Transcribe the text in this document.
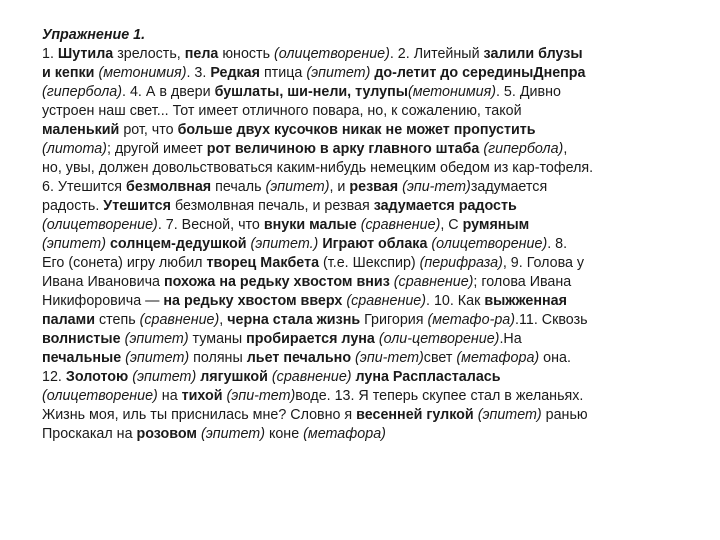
Упражнение 1.
1. Шутила зрелость, пела юность (олицетворение). 2. Литейный залили блузы
и кепки (метонимия). 3. Редкая птица (эпитет) до-летит до серединыДнепра
(гипербола). 4. А в двери бушлаты, ши-нели, тулупы(метонимия). 5. Дивно
устроен наш свет... Тот имеет отличного повара, но, к сожалению, такой
маленький рот, что больше двух кусочков никак не может пропустить
(литота); другой имеет рот величиною в арку главного штаба (гипербола),
но, увы, должен довольствоваться каким-нибудь немецким обедом из кар-тофеля.
6. Утешится безмолвная печаль (эпитет), и резвая (эпи-тет)задумается
радость. Утешится безмолвная печаль, и резвая задумается радость
(олицетворение). 7. Весной, что внуки малые (сравнение), С румяным
(эпитет) солнцем-дедушкой (эпитет.) Играют облака (олицетворение). 8.
Его (сонета) игру любил творец Макбета (т.е. Шекспир) (перифраза), 9. Голова у
Ивана Ивановича похожа на редьку хвостом вниз (сравнение); голова Ивана
Никифоровича — на редьку хвостом вверх (сравнение). 10. Как выжженная
палами степь (сравнение), черна стала жизнь Григория (метафо-ра).11. Сквозь
волнистые (эпитет) туманы пробирается луна (оли-цетворение).На
печальные (эпитет) поляны льет печально (эпи-тет)свет (метафора) она.
12. Золотою (эпитет) лягушкой (сравнение) луна Распласталась
(олицетворение) на тихой (эпи-тет)воде. 13. Я теперь скупее стал в желаньях.
Жизнь моя, иль ты приснилась мне? Словно я весенней гулкой (эпитет) ранью
Проскакал на розовом (эпитет) коне (метафора)
